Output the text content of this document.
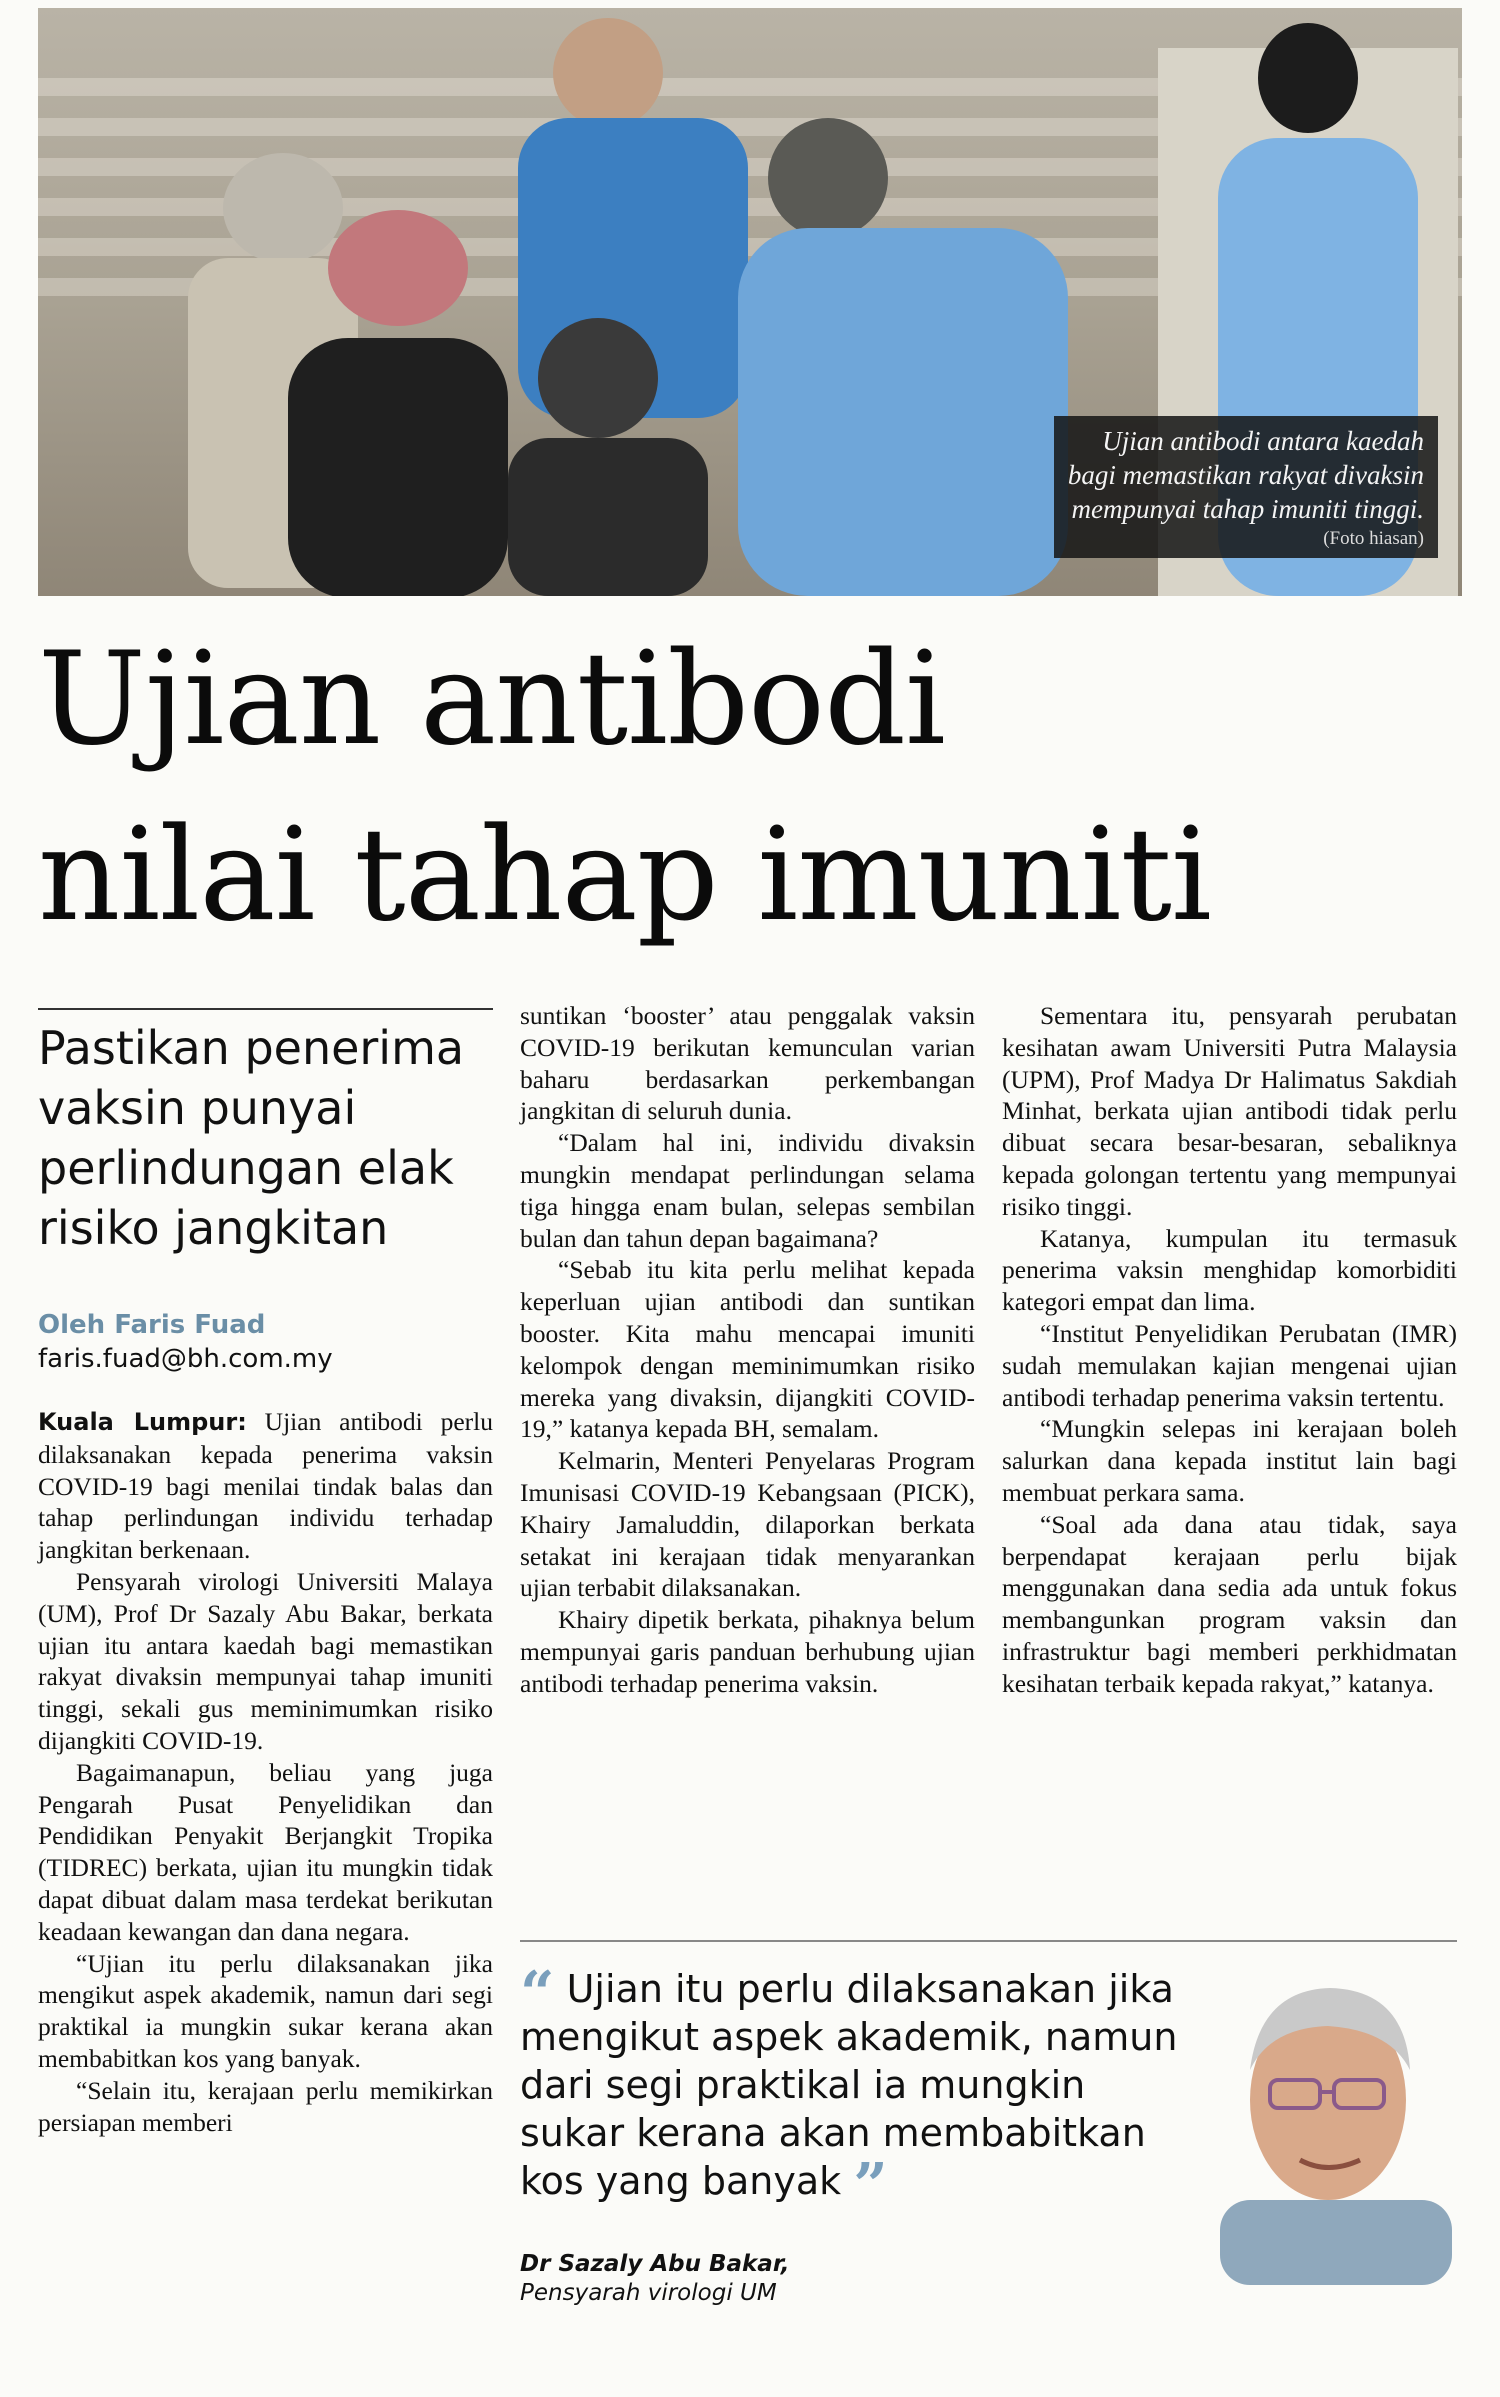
Ujian antibodi antara kaedah
bagi memastikan rakyat divaksin
mempunyai tahap imuniti tinggi.
(Foto hiasan)
Ujian antibodi
nilai tahap imuniti
Pastikan penerima vaksin punyai perlindungan elak risiko jangkitan
Oleh Faris Fuad
faris.fuad@bh.com.my

Kuala Lumpur: Ujian antibodi perlu dilaksanakan kepada penerima vaksin COVID-19 bagi menilai tindak balas dan tahap perlindungan individu terhadap jangkitan berkenaan.

Pensyarah virologi Universiti Malaya (UM), Prof Dr Sazaly Abu Bakar, berkata ujian itu antara kaedah bagi memastikan rakyat divaksin mempunyai tahap imuniti tinggi, sekali gus meminimumkan risiko dijangkiti COVID-19.

Bagaimanapun, beliau yang juga Pengarah Pusat Penyelidikan dan Pendidikan Penyakit Berjangkit Tropika (TIDREC) berkata, ujian itu mungkin tidak dapat dibuat dalam masa terdekat berikutan keadaan kewangan dan dana negara.

“Ujian itu perlu dilaksanakan jika mengikut aspek akademik, namun dari segi praktikal ia mungkin sukar kerana akan membabitkan kos yang banyak.

“Selain itu, kerajaan perlu memikirkan persiapan memberi

suntikan ‘booster’ atau penggalak vaksin COVID-19 berikutan kemunculan varian baharu berdasarkan perkembangan jangkitan di seluruh dunia.

“Dalam hal ini, individu divaksin mungkin mendapat perlindungan selama tiga hingga enam bulan, selepas sembilan bulan dan tahun depan bagaimana?

“Sebab itu kita perlu melihat kepada keperluan ujian antibodi dan suntikan booster. Kita mahu mencapai imuniti kelompok dengan meminimumkan risiko mereka yang divaksin, dijangkiti COVID-19,” katanya kepada BH, semalam.

Kelmarin, Menteri Penyelaras Program Imunisasi COVID-19 Kebangsaan (PICK), Khairy Jamaluddin, dilaporkan berkata setakat ini kerajaan tidak menyarankan ujian terbabit dilaksanakan.

Khairy dipetik berkata, pihaknya belum mempunyai garis panduan berhubung ujian antibodi terhadap penerima vaksin.

Sementara itu, pensyarah perubatan kesihatan awam Universiti Putra Malaysia (UPM), Prof Madya Dr Halimatus Sakdiah Minhat, berkata ujian antibodi tidak perlu dibuat secara besar-besaran, sebaliknya kepada golongan tertentu yang mempunyai risiko tinggi.

Katanya, kumpulan itu termasuk penerima vaksin menghidap komorbiditi kategori empat dan lima.

“Institut Penyelidikan Perubatan (IMR) sudah memulakan kajian mengenai ujian antibodi terhadap penerima vaksin tertentu.

“Mungkin selepas ini kerajaan boleh salurkan dana kepada institut lain bagi membuat perkara sama.

“Soal ada dana atau tidak, saya berpendapat kerajaan perlu bijak menggunakan dana sedia ada untuk fokus membangunkan program vaksin dan infrastruktur bagi memberi perkhidmatan kesihatan terbaik kepada rakyat,” katanya.

“ Ujian itu perlu dilaksanakan jika mengikut aspek akademik, namun dari segi praktikal ia mungkin sukar kerana akan membabitkan kos yang banyak ”
Dr Sazaly Abu Bakar,
Pensyarah virologi UM
